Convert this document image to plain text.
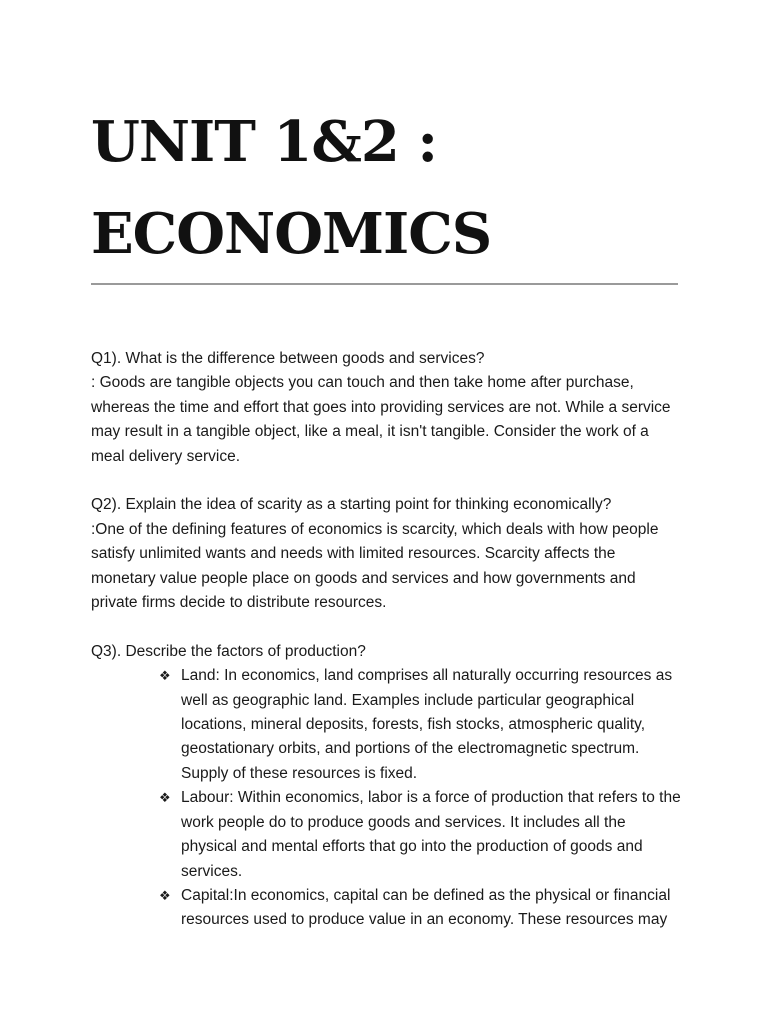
UNIT 1&2 :
ECONOMICS

Q1). What is the difference between goods and services?

: Goods are tangible objects you can touch and then take home after purchase, whereas the time and effort that goes into providing services are not. While a service may result in a tangible object, like a meal, it isn't tangible. Consider the work of a meal delivery service.

Q2). Explain the idea of scarity as a starting point for thinking economically?

:One of the defining features of economics is scarcity, which deals with how people satisfy unlimited wants and needs with limited resources. Scarcity affects the monetary value people place on goods and services and how governments and private firms decide to distribute resources.

Q3). Describe the factors of production?

❖ Land: In economics, land comprises all naturally occurring resources as well as geographic land. Examples include particular geographical locations, mineral deposits, forests, fish stocks, atmospheric quality, geostationary orbits, and portions of the electromagnetic spectrum. Supply of these resources is fixed.
❖ Labour: Within economics, labor is a force of production that refers to the work people do to produce goods and services. It includes all the physical and mental efforts that go into the production of goods and services.
❖ Capital:In economics, capital can be defined as the physical or financial resources used to produce value in an economy. These resources may
